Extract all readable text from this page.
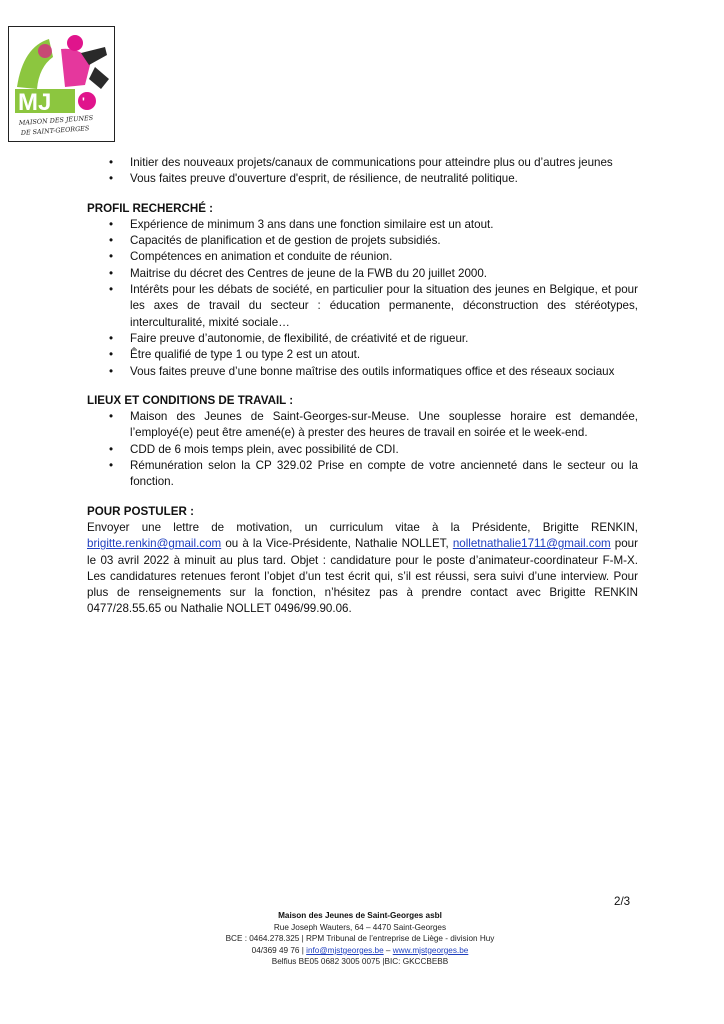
MJ	'
MAISON DES JEUNES
DE SAINT-GEORGES
• Initier des nouveaux projets/canaux de communications pour atteindre plus ou d’autres jeunes
• Vous faites preuve d'ouverture d'esprit, de résilience, de neutralité politique.

PROFIL RECHERCHÉ :

• Expérience de minimum 3 ans dans une fonction similaire est un atout.
• Capacités de planification et de gestion de projets subsidiés.
• Compétences en animation et conduite de réunion.
• Maitrise du décret des Centres de jeune de la FWB du 20 juillet 2000.
• Intérêts pour les débats de société, en particulier pour la situation des jeunes en Belgique, et pour les axes de travail du secteur : éducation permanente, déconstruction des stéréotypes, interculturalité, mixité sociale…
• Faire preuve d’autonomie, de flexibilité, de créativité et de rigueur.
• Être qualifié de type 1 ou type 2 est un atout.
• Vous faites preuve d’une bonne maîtrise des outils informatiques office et des réseaux sociaux

LIEUX ET CONDITIONS DE TRAVAIL :

• Maison des Jeunes de Saint-Georges-sur-Meuse. Une souplesse horaire est demandée, l’employé(e) peut être amené(e) à prester des heures de travail en soirée et le week-end.
• CDD de 6 mois temps plein, avec possibilité de CDI.
• Rémunération selon la CP 329.02 Prise en compte de votre ancienneté dans le secteur ou la fonction.

POUR POSTULER :

Envoyer une lettre de motivation, un curriculum vitae à la Présidente, Brigitte RENKIN, brigitte.renkin@gmail.com ou à la Vice-Présidente, Nathalie NOLLET, nolletnathalie1711@gmail.com pour le 03 avril 2022 à minuit au plus tard. Objet : candidature pour le poste d’animateur-coordinateur F-M-X. Les candidatures retenues feront l’objet d’un test écrit qui, s’il est réussi, sera suivi d’une interview. Pour plus de renseignements sur la fonction, n’hésitez pas à prendre contact avec Brigitte RENKIN 0477/28.55.65 ou Nathalie NOLLET 0496/99.90.06.

2/3
Maison des Jeunes de Saint-Georges asbl
Rue Joseph Wauters, 64 – 4470 Saint-Georges
BCE : 0464.278.325 | RPM Tribunal de l’entreprise de Liège - division Huy
04/369 49 76 | info@mjstgeorges.be – www.mjstgeorges.be
Belfius BE05 0682 3005 0075 |BIC: GKCCBEBB
